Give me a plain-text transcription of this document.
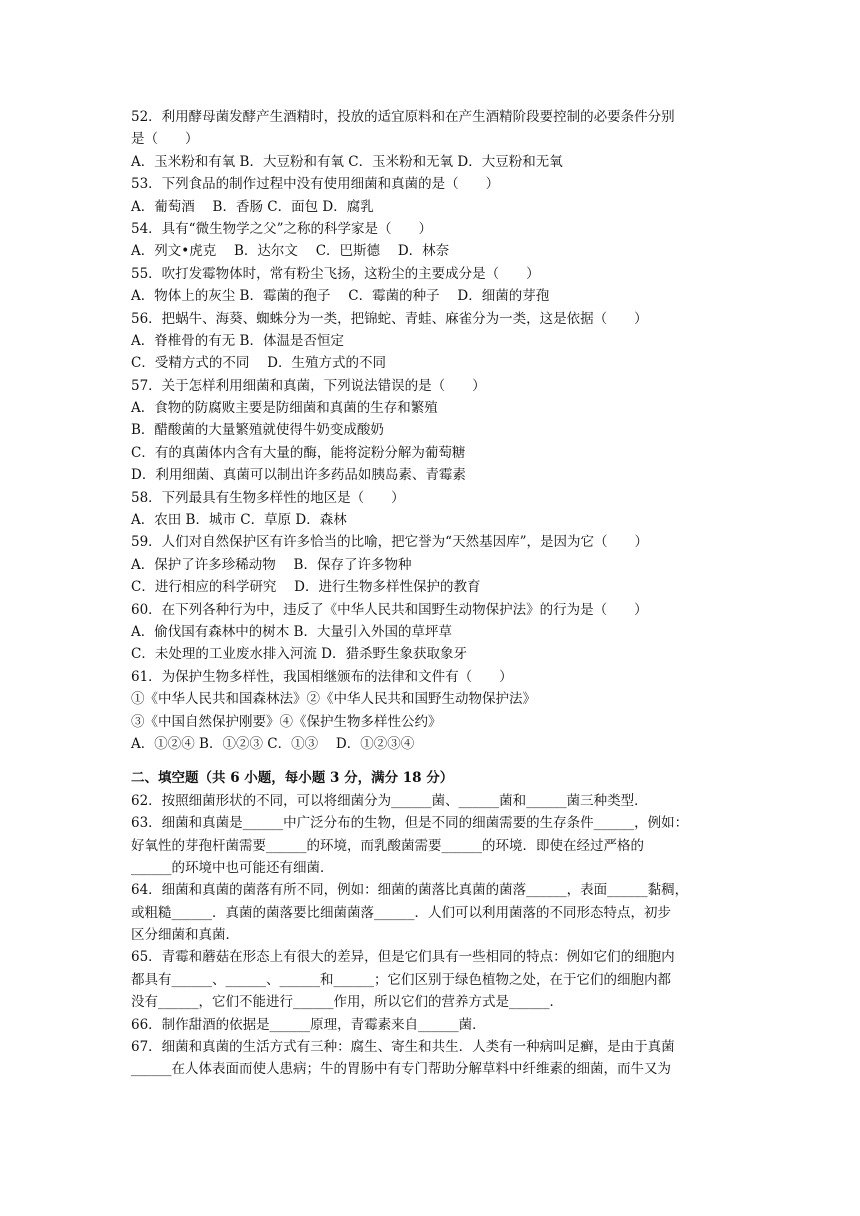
52．利用酵母菌发酵产生酒精时，投放的适宜原料和在产生酒精阶段要控制的必要条件分别
是（　　）
A．玉米粉和有氧 B．大豆粉和有氧 C．玉米粉和无氧 D．大豆粉和无氧
53．下列食品的制作过程中没有使用细菌和真菌的是（　　）
A．葡萄酒　 B．香肠 C．面包 D．腐乳
54．具有“微生物学之父”之称的科学家是（　　）
A．列文•虎克　 B．达尔文　 C．巴斯德　 D．林奈
55．吹打发霉物体时，常有粉尘飞扬，这粉尘的主要成分是（　　）
A．物体上的灰尘 B．霉菌的孢子　 C．霉菌的种子　 D．细菌的芽孢
56．把蜗牛、海葵、蜘蛛分为一类，把锦蛇、青蛙、麻雀分为一类，这是依据（　　）
A．脊椎骨的有无 B．体温是否恒定
C．受精方式的不同　 D．生殖方式的不同
57．关于怎样利用细菌和真菌，下列说法错误的是（　　）
A．食物的防腐败主要是防细菌和真菌的生存和繁殖
B．醋酸菌的大量繁殖就使得牛奶变成酸奶
C．有的真菌体内含有大量的酶，能将淀粉分解为葡萄糖
D．利用细菌、真菌可以制出许多药品如胰岛素、青霉素
58．下列最具有生物多样性的地区是（　　）
A．农田 B．城市 C．草原 D．森林
59．人们对自然保护区有许多恰当的比喻，把它誉为“天然基因库”，是因为它（　　）
A．保护了许多珍稀动物　 B．保存了许多物种
C．进行相应的科学研究　 D．进行生物多样性保护的教育
60．在下列各种行为中，违反了《中华人民共和国野生动物保护法》的行为是（　　）
A．偷伐国有森林中的树木 B．大量引入外国的草坪草
C．未处理的工业废水排入河流 D．猎杀野生象获取象牙
61．为保护生物多样性，我国相继颁布的法律和文件有（　　）
①《中华人民共和国森林法》②《中华人民共和国野生动物保护法》
③《中国自然保护刚要》④《保护生物多样性公约》
A．①②④ B．①②③ C．①③　 D．①②③④
二、填空题（共 6 小题，每小题 3 分，满分 18 分）
62．按照细菌形状的不同，可以将细菌分为______菌、______菌和______菌三种类型．
63．细菌和真菌是______中广泛分布的生物，但是不同的细菌需要的生存条件______，例如：
好氧性的芽孢杆菌需要______的环境，而乳酸菌需要______的环境．即使在经过严格的
______的环境中也可能还有细菌．
64．细菌和真菌的菌落有所不同，例如：细菌的菌落比真菌的菌落______，表面______黏稠，
或粗糙______．真菌的菌落要比细菌菌落______．人们可以利用菌落的不同形态特点，初步
区分细菌和真菌．
65．青霉和蘑菇在形态上有很大的差异，但是它们具有一些相同的特点：例如它们的细胞内
都具有______、______、______和______；它们区别于绿色植物之处，在于它们的细胞内都
没有______，它们不能进行______作用，所以它们的营养方式是______．
66．制作甜酒的依据是______原理，青霉素来自______菌．
67．细菌和真菌的生活方式有三种：腐生、寄生和共生．人类有一种病叫足癣，是由于真菌
______在人体表面而使人患病；牛的胃肠中有专门帮助分解草料中纤维素的细菌，而牛又为
